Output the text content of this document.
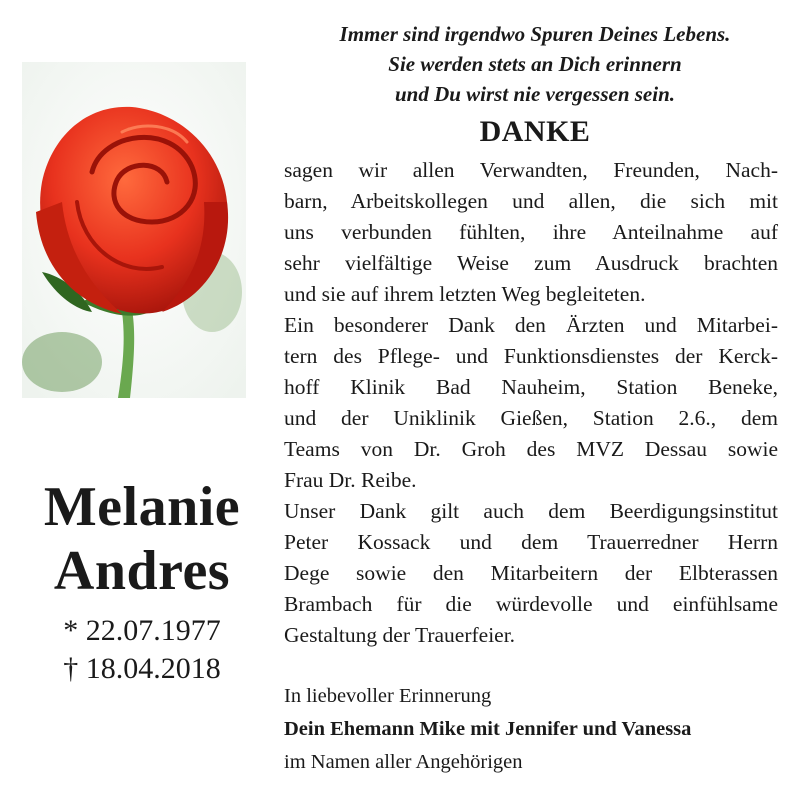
Melanie
Andres
* 22.07.1977
† 18.04.2018
Immer sind irgendwo Spuren Deines Lebens.
Sie werden stets an Dich erinnern
und Du wirst nie vergessen sein.
DANKE
sagen wir allen Verwandten, Freunden, Nach-
barn, Arbeitskollegen und allen, die sich mit
uns verbunden fühlten, ihre Anteilnahme auf
sehr vielfältige Weise zum Ausdruck brachten
und sie auf ihrem letzten Weg begleiteten.
Ein besonderer Dank den Ärzten und Mitarbei-
tern des Pflege- und Funktionsdienstes der Kerck-
hoff Klinik Bad Nauheim, Station Beneke,
und der Uniklinik Gießen, Station 2.6., dem
Teams von Dr. Groh des MVZ Dessau sowie
Frau Dr. Reibe.
Unser Dank gilt auch dem Beerdigungsinstitut
Peter Kossack und dem Trauerredner Herrn
Dege sowie den Mitarbeitern der Elbterassen
Brambach für die würdevolle und einfühlsame
Gestaltung der Trauerfeier.
In liebevoller Erinnerung
Dein Ehemann Mike mit Jennifer und Vanessa
im Namen aller Angehörigen
